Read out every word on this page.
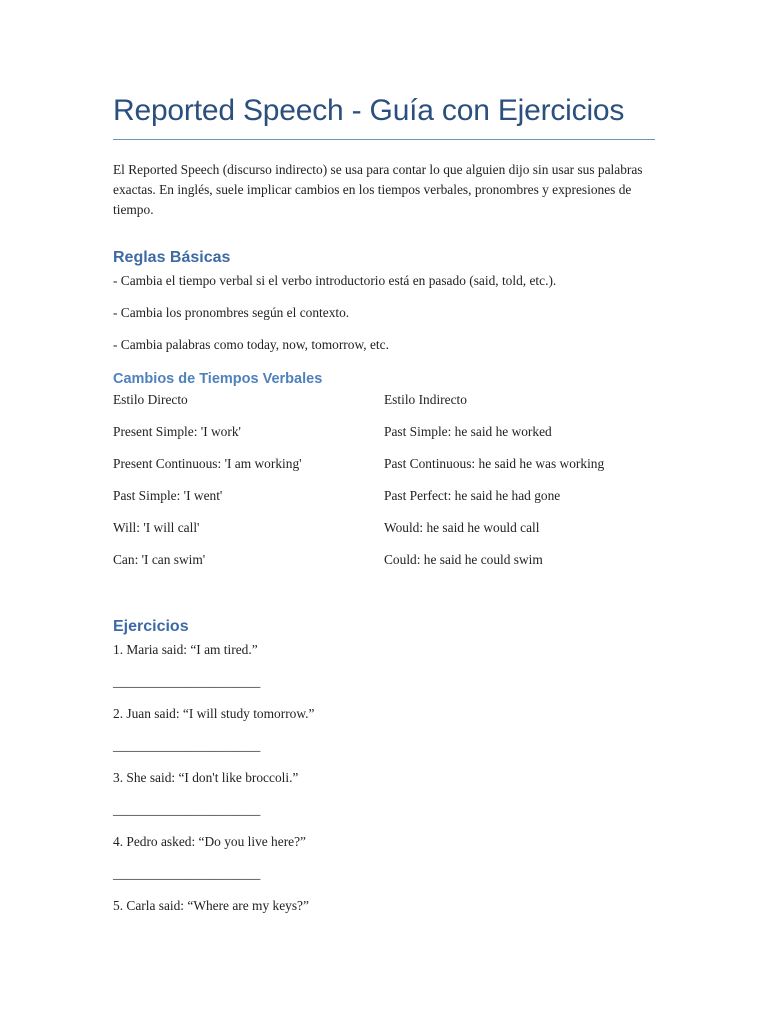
Reported Speech - Guía con Ejercicios

El Reported Speech (discurso indirecto) se usa para contar lo que alguien dijo sin usar sus palabras exactas. En inglés, suele implicar cambios en los tiempos verbales, pronombres y expresiones de tiempo.

Reglas Básicas

- Cambia el tiempo verbal si el verbo introductorio está en pasado (said, told, etc.).

- Cambia los pronombres según el contexto.

- Cambia palabras como today, now, tomorrow, etc.

Cambios de Tiempos Verbales
Estilo Directo	Estilo Indirecto
Present Simple: 'I work'	Past Simple: he said he worked
Present Continuous: 'I am working'	Past Continuous: he said he was working
Past Simple: 'I went'	Past Perfect: he said he had gone
Will: 'I will call'	Would: he said he would call
Can: 'I can swim'	Could: he said he could swim
Ejercicios

1. Maria said: “I am tired.”

______________________

2. Juan said: “I will study tomorrow.”

______________________

3. She said: “I don't like broccoli.”

______________________

4. Pedro asked: “Do you live here?”

______________________

5. Carla said: “Where are my keys?”
